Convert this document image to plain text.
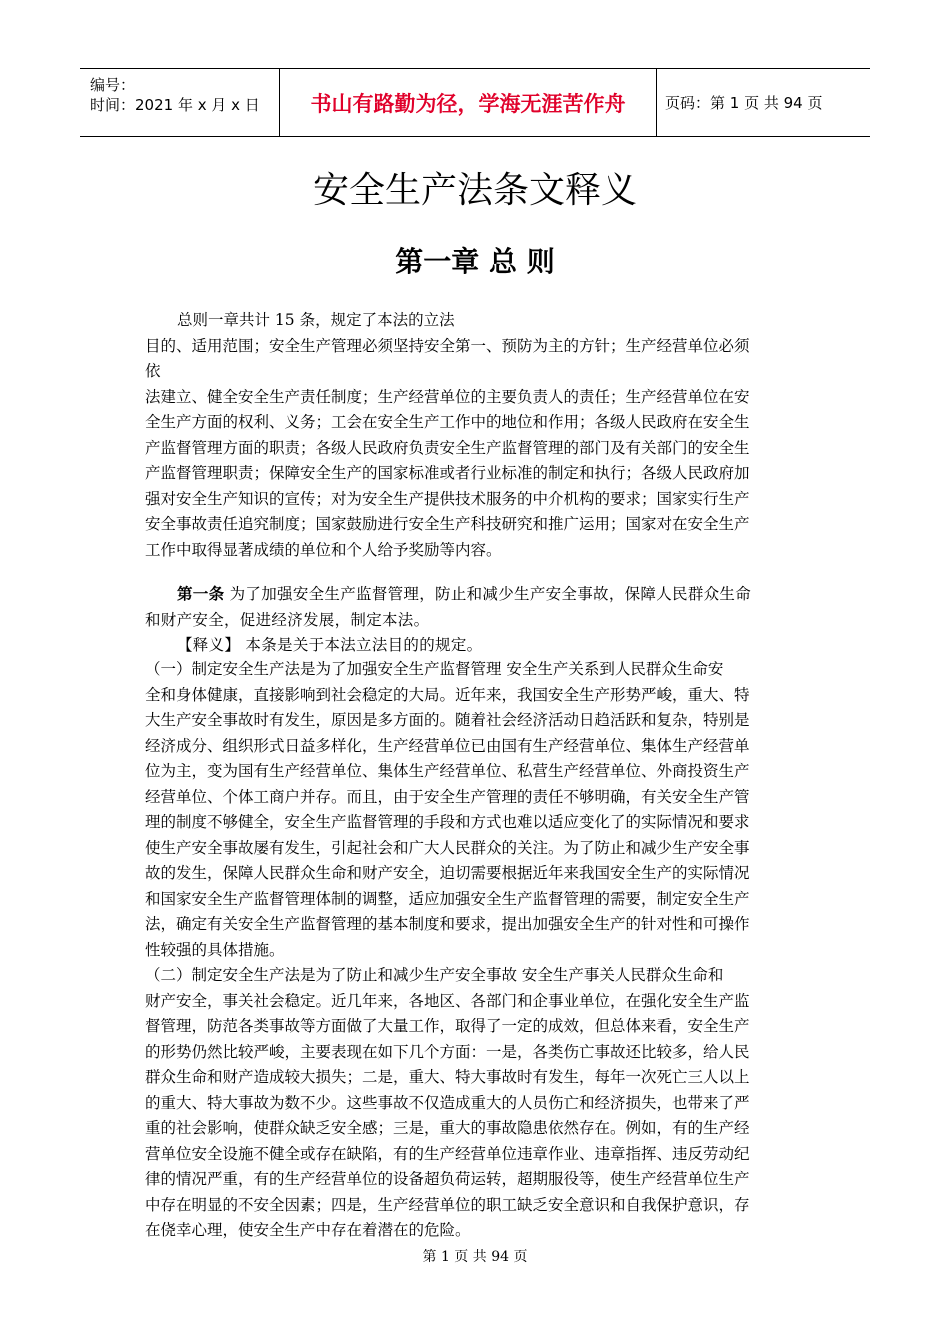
编号：
时间：2021 年 x 月 x 日	书山有路勤为径，学海无涯苦作舟	页码：第 1 页 共 94 页
安全生产法条文释义
第一章 总 则
总则一章共计 15 条，规定了本法的立法
目的、适用范围；安全生产管理必须坚持安全第一、预防为主的方针；生产经营单位必须
依
法建立、健全安全生产责任制度；生产经营单位的主要负责人的责任；生产经营单位在安
全生产方面的权利、义务；工会在安全生产工作中的地位和作用；各级人民政府在安全生
产监督管理方面的职责；各级人民政府负责安全生产监督管理的部门及有关部门的安全生
产监督管理职责；保障安全生产的国家标准或者行业标准的制定和执行；各级人民政府加
强对安全生产知识的宣传；对为安全生产提供技术服务的中介机构的要求；国家实行生产
安全事故责任追究制度；国家鼓励进行安全生产科技研究和推广运用；国家对在安全生产
工作中取得显著成绩的单位和个人给予奖励等内容。
第一条 为了加强安全生产监督管理，防止和减少生产安全事故，保障人民群众生命
和财产安全，促进经济发展，制定本法。
【释义】 本条是关于本法立法目的的规定。
（一）制定安全生产法是为了加强安全生产监督管理 安全生产关系到人民群众生命安
全和身体健康，直接影响到社会稳定的大局。近年来，我国安全生产形势严峻，重大、特
大生产安全事故时有发生，原因是多方面的。随着社会经济活动日趋活跃和复杂，特别是
经济成分、组织形式日益多样化，生产经营单位已由国有生产经营单位、集体生产经营单
位为主，变为国有生产经营单位、集体生产经营单位、私营生产经营单位、外商投资生产
经营单位、个体工商户并存。而且，由于安全生产管理的责任不够明确，有关安全生产管
理的制度不够健全，安全生产监督管理的手段和方式也难以适应变化了的实际情况和要求
使生产安全事故屡有发生，引起社会和广大人民群众的关注。为了防止和减少生产安全事
故的发生，保障人民群众生命和财产安全，迫切需要根据近年来我国安全生产的实际情况
和国家安全生产监督管理体制的调整，适应加强安全生产监督管理的需要，制定安全生产
法，确定有关安全生产监督管理的基本制度和要求，提出加强安全生产的针对性和可操作
性较强的具体措施。
（二）制定安全生产法是为了防止和减少生产安全事故 安全生产事关人民群众生命和
财产安全，事关社会稳定。近几年来，各地区、各部门和企事业单位，在强化安全生产监
督管理，防范各类事故等方面做了大量工作，取得了一定的成效，但总体来看，安全生产
的形势仍然比较严峻，主要表现在如下几个方面：一是，各类伤亡事故还比较多，给人民
群众生命和财产造成较大损失；二是，重大、特大事故时有发生，每年一次死亡三人以上
的重大、特大事故为数不少。这些事故不仅造成重大的人员伤亡和经济损失，也带来了严
重的社会影响，使群众缺乏安全感；三是，重大的事故隐患依然存在。例如，有的生产经
营单位安全设施不健全或存在缺陷，有的生产经营单位违章作业、违章指挥、违反劳动纪
律的情况严重，有的生产经营单位的设备超负荷运转，超期服役等，使生产经营单位生产
中存在明显的不安全因素；四是，生产经营单位的职工缺乏安全意识和自我保护意识，存
在侥幸心理，使安全生产中存在着潜在的危险。
第 1 页 共 94 页
